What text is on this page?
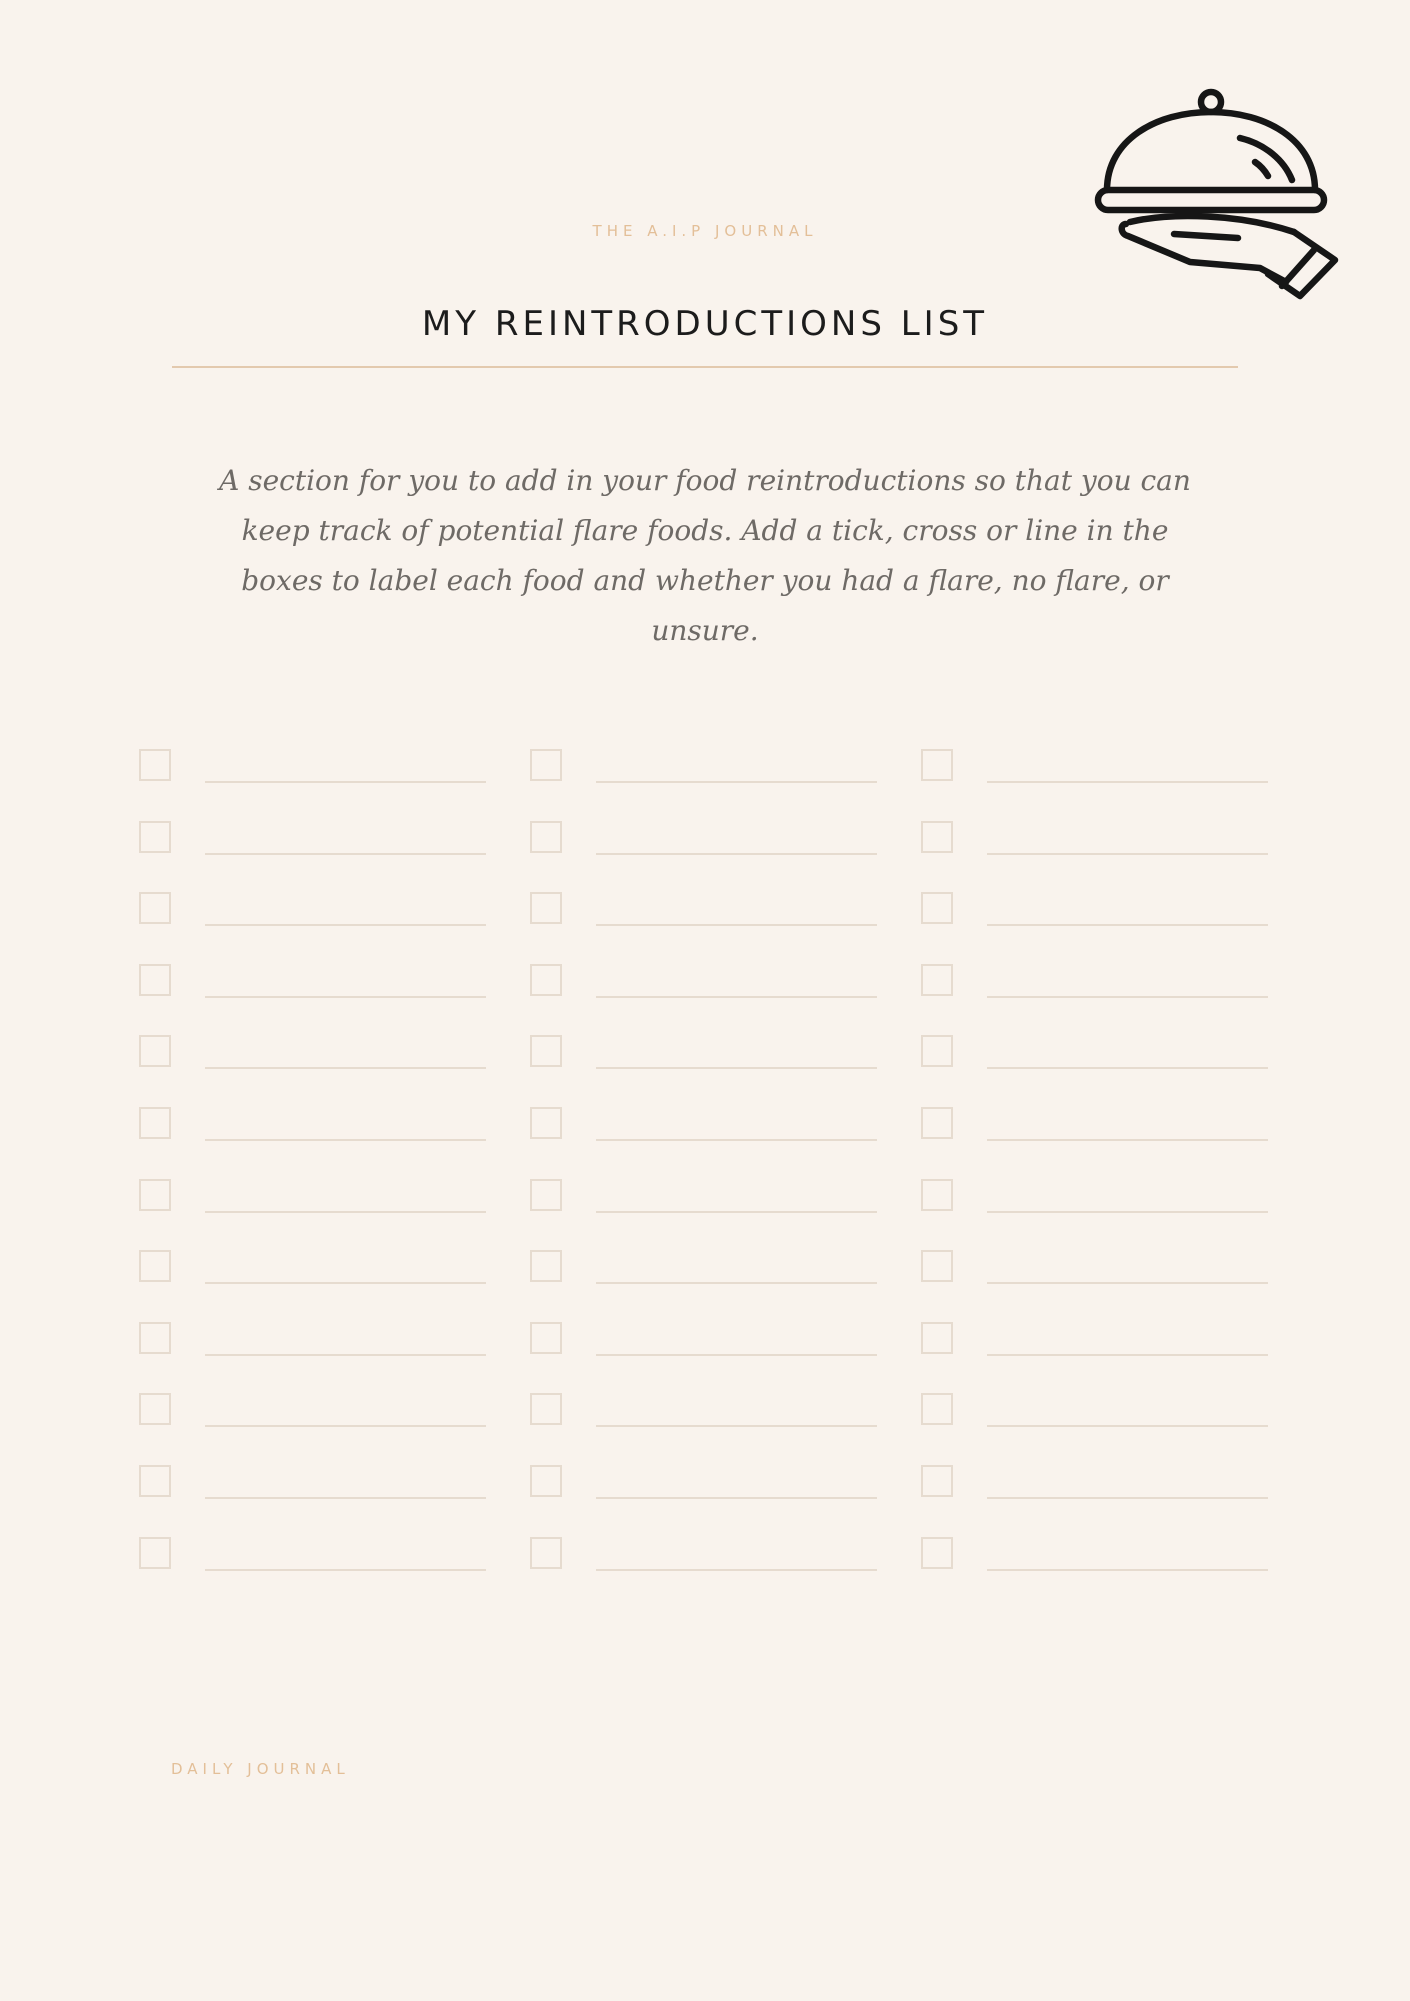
THE A.I.P JOURNAL
MY REINTRODUCTIONS LIST
A section for you to add in your food reintroductions so that you can keep track of potential flare foods. Add a tick, cross or line in the boxes to label each food and whether you had a flare, no flare, or unsure.
DAILY JOURNAL
